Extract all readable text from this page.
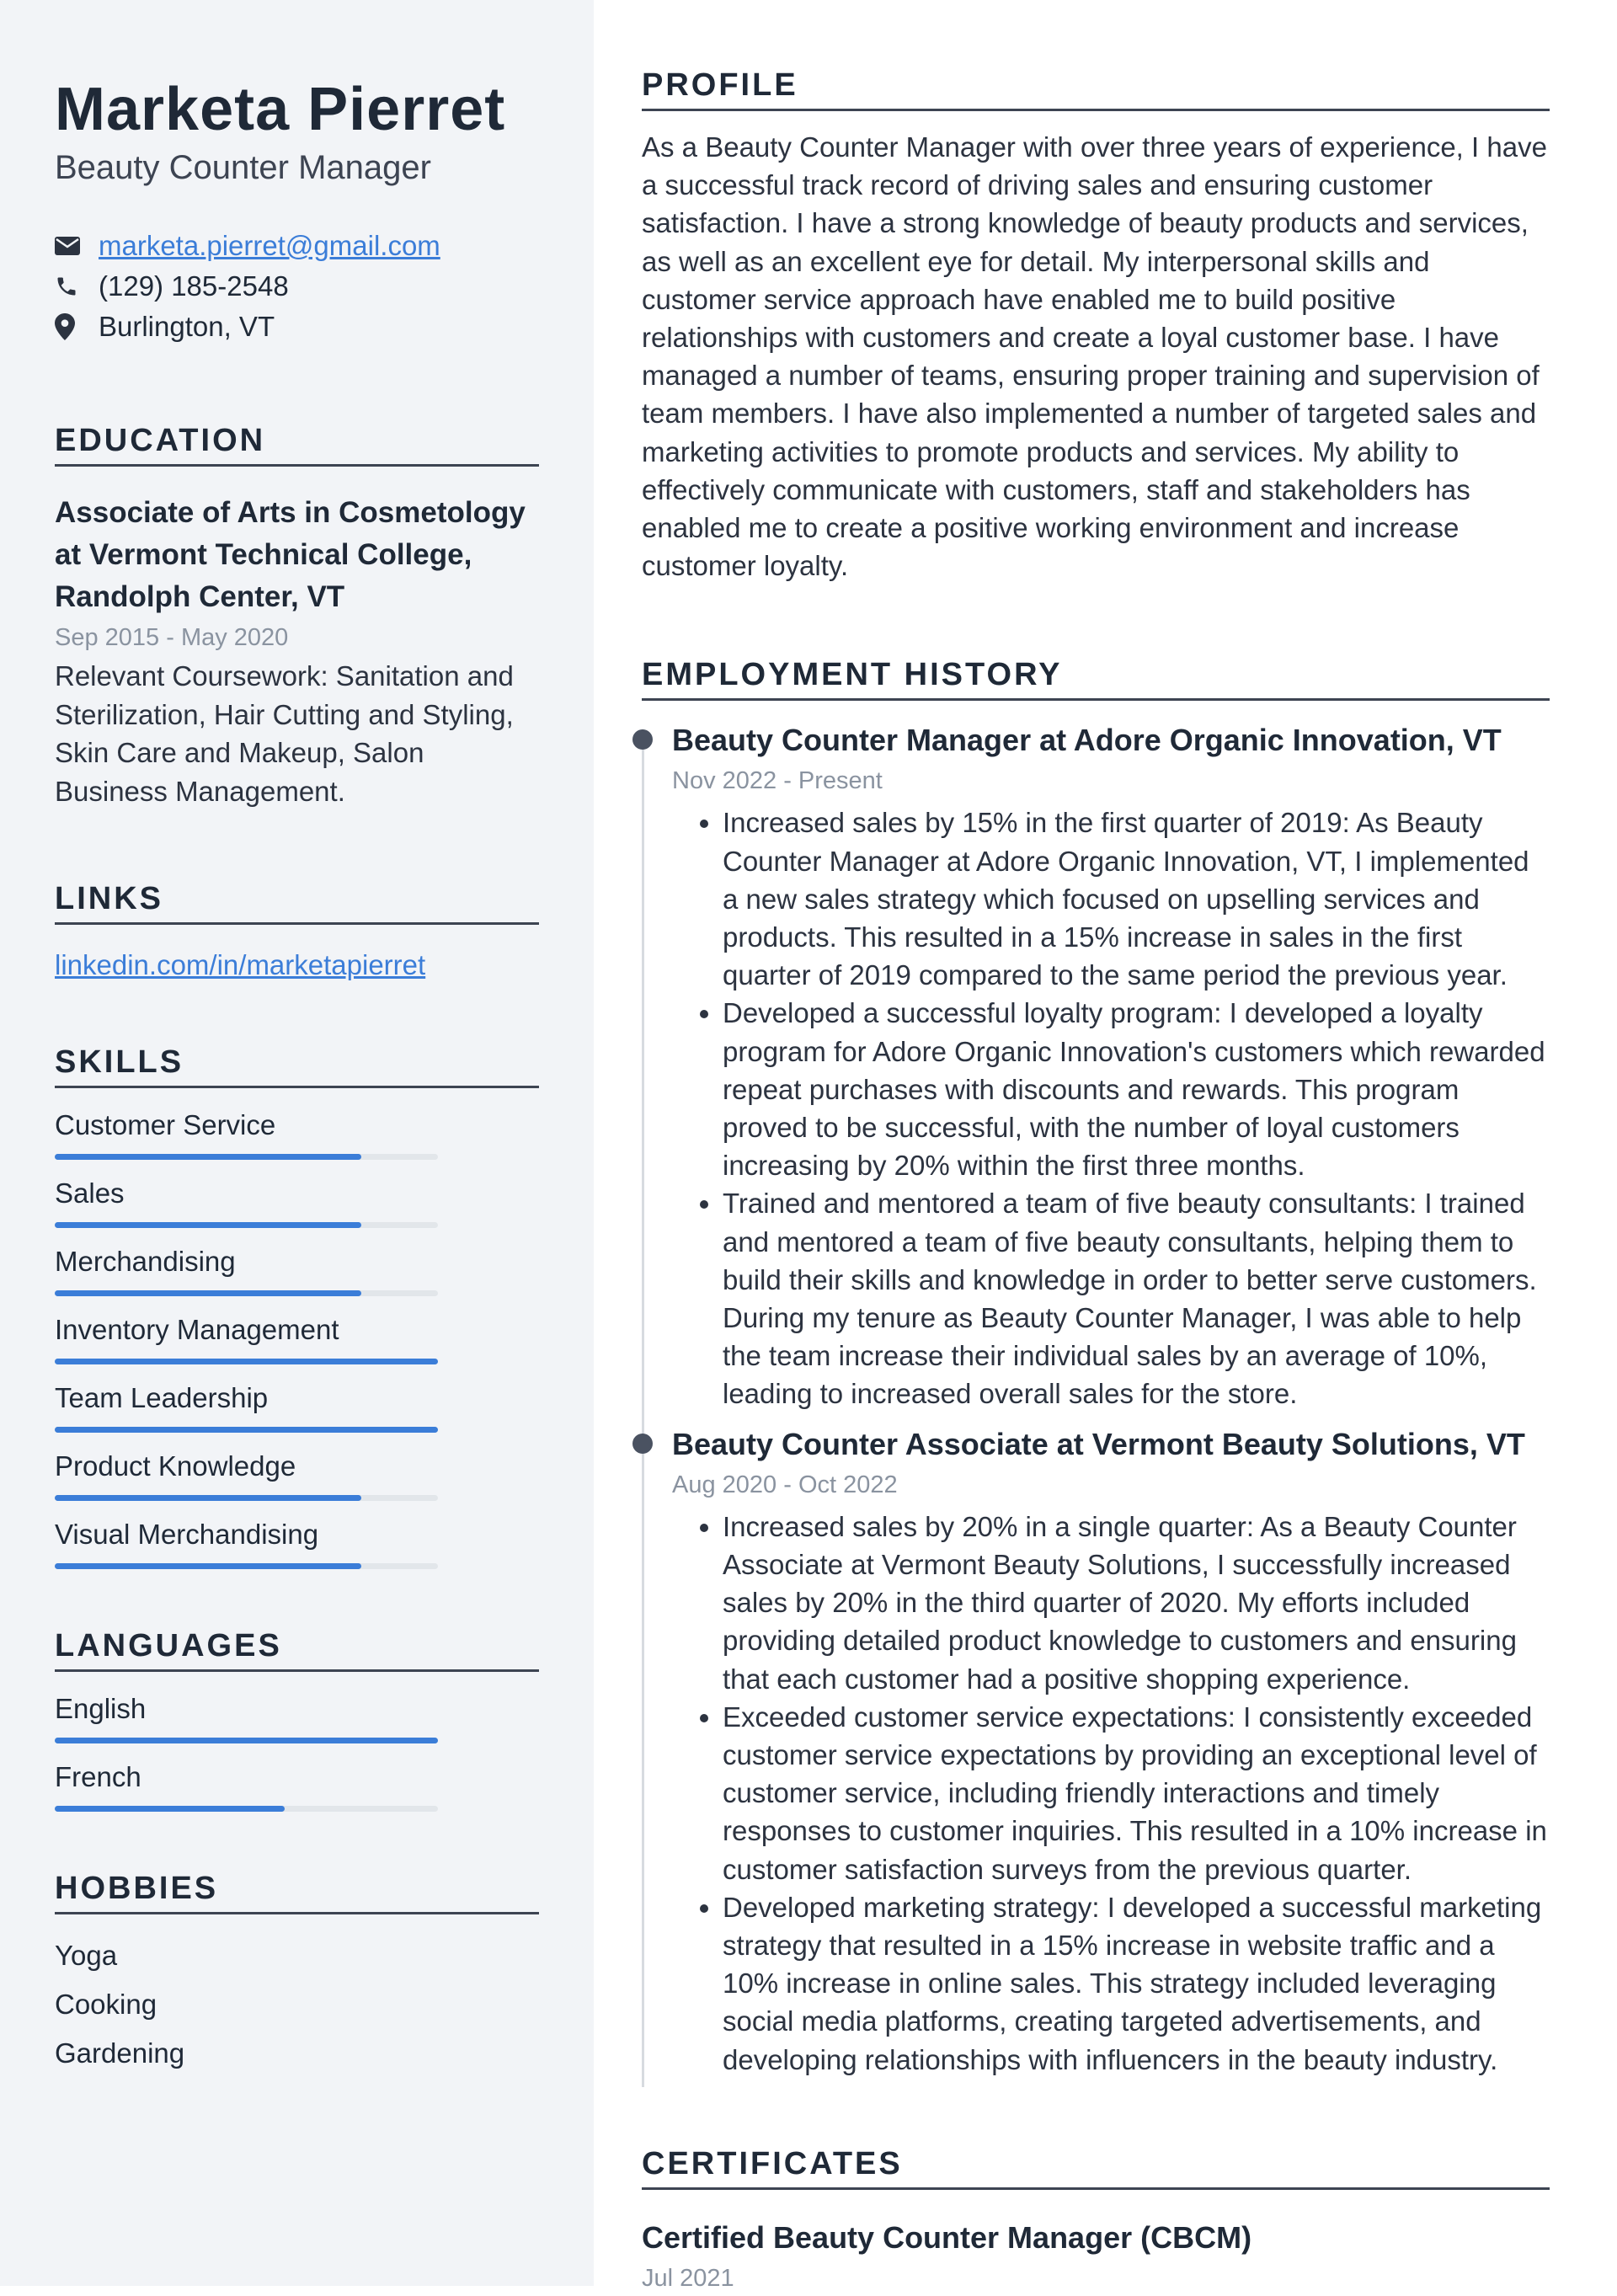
Marketa Pierret
Beauty Counter Manager
marketa.pierret@gmail.com
(129) 185-2548
Burlington, VT
EDUCATION
Associate of Arts in Cosmetology
at Vermont Technical College,
Randolph Center, VT
Sep 2015 - May 2020
Relevant Coursework: Sanitation and Sterilization, Hair Cutting and Styling, Skin Care and Makeup, Salon Business Management.
LINKS
linkedin.com/in/marketapierret
SKILLS
Customer Service
Sales
Merchandising
Inventory Management
Team Leadership
Product Knowledge
Visual Merchandising
LANGUAGES
English
French
HOBBIES
Yoga
Cooking
Gardening
PROFILE
As a Beauty Counter Manager with over three years of experience, I have a successful track record of driving sales and ensuring customer satisfaction. I have a strong knowledge of beauty products and services, as well as an excellent eye for detail. My interpersonal skills and customer service approach have enabled me to build positive relationships with customers and create a loyal customer base. I have managed a number of teams, ensuring proper training and supervision of team members. I have also implemented a number of targeted sales and marketing activities to promote products and services. My ability to effectively communicate with customers, staff and stakeholders has enabled me to create a positive working environment and increase customer loyalty.
EMPLOYMENT HISTORY
Beauty Counter Manager at Adore Organic Innovation, VT
Nov 2022 - Present
• Increased sales by 15% in the first quarter of 2019: As Beauty Counter Manager at Adore Organic Innovation, VT, I implemented a new sales strategy which focused on upselling services and products. This resulted in a 15% increase in sales in the first quarter of 2019 compared to the same period the previous year.
• Developed a successful loyalty program: I developed a loyalty program for Adore Organic Innovation's customers which rewarded repeat purchases with discounts and rewards. This program proved to be successful, with the number of loyal customers increasing by 20% within the first three months.
• Trained and mentored a team of five beauty consultants: I trained and mentored a team of five beauty consultants, helping them to build their skills and knowledge in order to better serve customers. During my tenure as Beauty Counter Manager, I was able to help the team increase their individual sales by an average of 10%, leading to increased overall sales for the store.
Beauty Counter Associate at Vermont Beauty Solutions, VT
Aug 2020 - Oct 2022
• Increased sales by 20% in a single quarter: As a Beauty Counter Associate at Vermont Beauty Solutions, I successfully increased sales by 20% in the third quarter of 2020. My efforts included providing detailed product knowledge to customers and ensuring that each customer had a positive shopping experience.
• Exceeded customer service expectations: I consistently exceeded customer service expectations by providing an exceptional level of customer service, including friendly interactions and timely responses to customer inquiries. This resulted in a 10% increase in customer satisfaction surveys from the previous quarter.
• Developed marketing strategy: I developed a successful marketing strategy that resulted in a 15% increase in website traffic and a 10% increase in online sales. This strategy included leveraging social media platforms, creating targeted advertisements, and developing relationships with influencers in the beauty industry.
CERTIFICATES
Certified Beauty Counter Manager (CBCM)
Jul 2021
